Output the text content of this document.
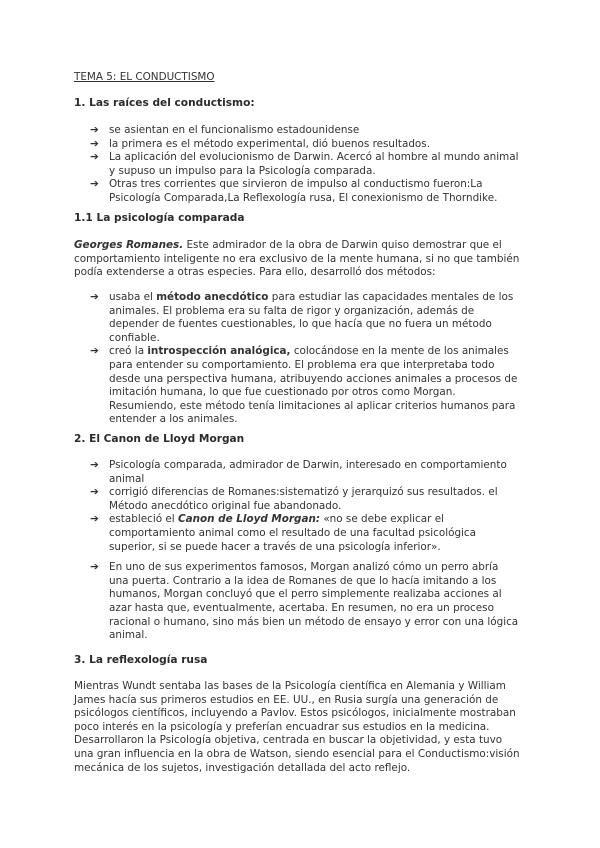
TEMA 5: EL CONDUCTISMO
1. Las raíces del conductismo:
➔ se asientan en el funcionalismo estadounidense
➔ la primera es el método experimental, dió buenos resultados.
➔ La aplicación del evolucionismo de Darwin. Acercó al hombre al mundo animal y supuso un impulso para la Psicología comparada.
➔ Otras tres corrientes que sirvieron de impulso al conductismo fueron:La Psicología Comparada,La Reflexología rusa, El conexionismo de Thorndike.
1.1 La psicología comparada
Georges Romanes. Este admirador de la obra de Darwin quiso demostrar que el comportamiento inteligente no era exclusivo de la mente humana, si no que también podía extenderse a otras especies. Para ello, desarrolló dos métodos:
➔ usaba el método anecdótico para estudiar las capacidades mentales de los animales. El problema era su falta de rigor y organización, además de depender de fuentes cuestionables, lo que hacía que no fuera un método confiable.
➔ creó la introspección analógica, colocándose en la mente de los animales para entender su comportamiento. El problema era que interpretaba todo desde una perspectiva humana, atribuyendo acciones animales a procesos de imitación humana, lo que fue cuestionado por otros como Morgan. Resumiendo, este método tenía limitaciones al aplicar criterios humanos para entender a los animales.
2. El Canon de Lloyd Morgan
➔ Psicología comparada, admirador de Darwin, interesado en comportamiento animal
➔ corrigió diferencias de Romanes:sistematizó y jerarquizó sus resultados. el Método anecdótico original fue abandonado.
➔ estableció el Canon de Lloyd Morgan: «no se debe explicar el comportamiento animal como el resultado de una facultad psicológica superior, si se puede hacer a través de una psicología inferior».
➔ En uno de sus experimentos famosos, Morgan analizó cómo un perro abría una puerta. Contrario a la idea de Romanes de que lo hacía imitando a los humanos, Morgan concluyó que el perro simplemente realizaba acciones al azar hasta que, eventualmente, acertaba. En resumen, no era un proceso racional o humano, sino más bien un método de ensayo y error con una lógica animal.
3. La reflexología rusa
Mientras Wundt sentaba las bases de la Psicología científica en Alemania y William James hacía sus primeros estudios en EE. UU., en Rusia surgía una generación de psicólogos científicos, incluyendo a Pavlov. Estos psicólogos, inicialmente mostraban poco interés en la psicología y preferían encuadrar sus estudios en la medicina. Desarrollaron la Psicología objetiva, centrada en buscar la objetividad, y esta tuvo una gran influencia en la obra de Watson, siendo esencial para el Conductismo:visión mecánica de los sujetos, investigación detallada del acto reflejo.
